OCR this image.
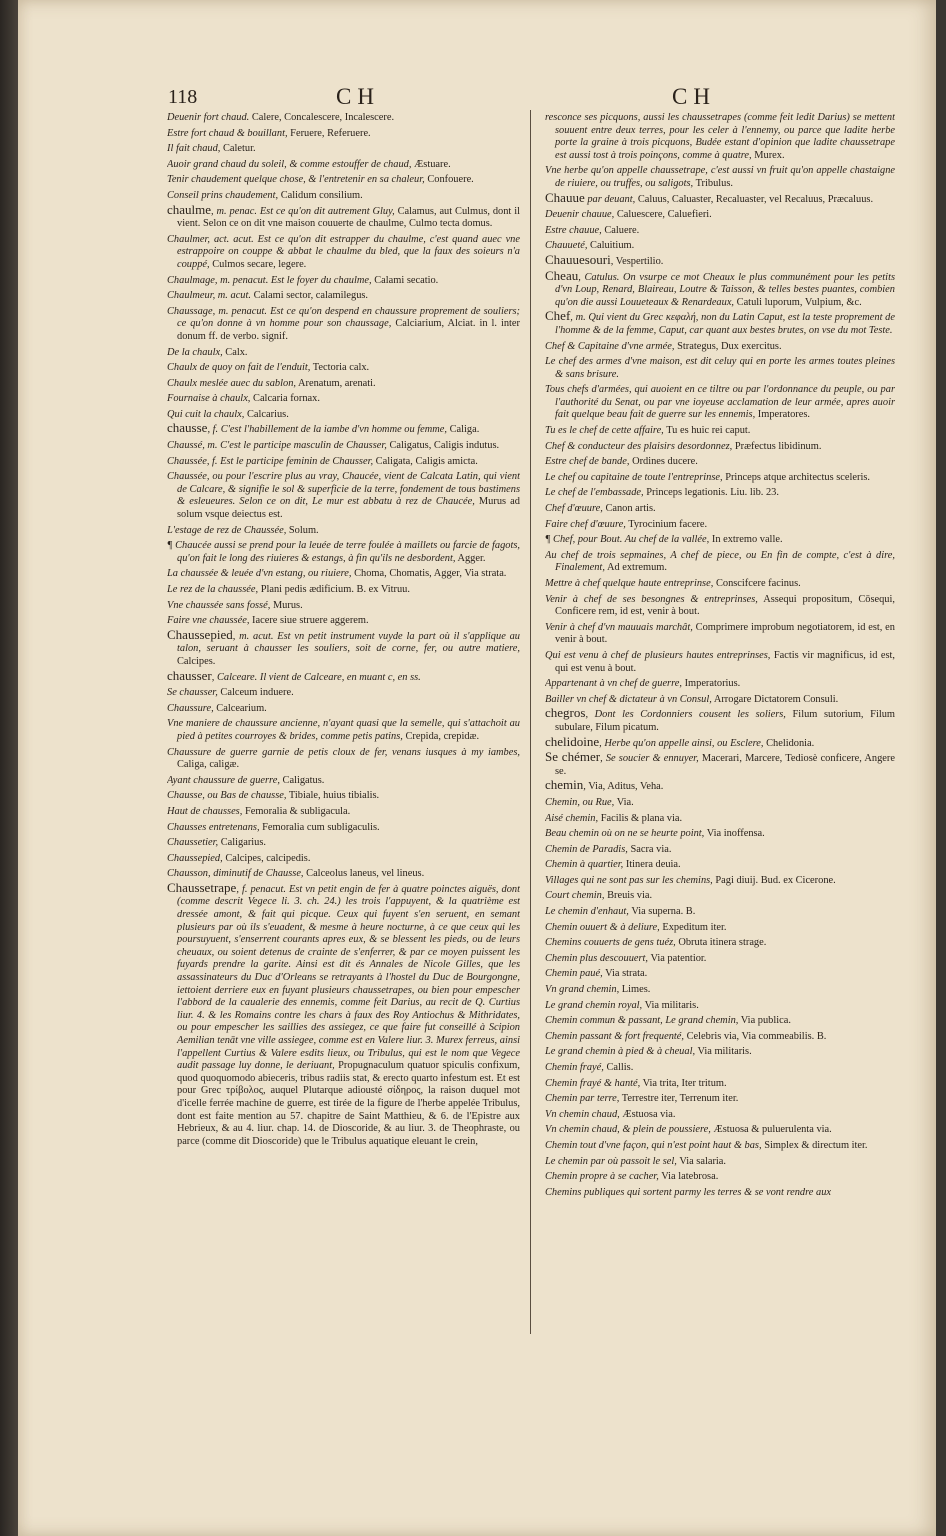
118	CH	CH
Deuenir fort chaud. Calere, Concalescere, Incalescere.
Estre fort chaud & bouillant, Feruere, Referuere.
Il fait chaud, Caletur.
Auoir grand chaud du soleil, & comme estouffer de chaud, Æstuare.
Tenir chaudement quelque chose, & l'entretenir en sa chaleur, Confouere.
Conseil prins chaudement, Calidum consilium.
chaulme, m. penac. Est ce qu'on dit autrement Gluy, Calamus, aut Culmus, dont il vient. Selon ce on dit vne maison couuerte de chaulme, Culmo tecta domus.
Chaulmer, act. acut. Est ce qu'on dit estrapper du chaulme, c'est quand auec vne estrappoire on couppe & abbat le chaulme du bled, que la faux des soieurs n'a couppé, Culmos secare, legere.
Chaulmage, m. penacut. Est le foyer du chaulme, Calami secatio.
Chaulmeur, m. acut. Calami sector, calamilegus.
Chaussage, m. penacut. Est ce qu'on despend en chaussure proprement de souliers; ce qu'on donne à vn homme pour son chaussage, Calciarium, Alciat. in l. inter donum ff. de verbo. signif.
De la chaulx, Calx.
Chaulx de quoy on fait de l'enduit, Tectoria calx.
Chaulx meslée auec du sablon, Arenatum, arenati.
Fournaise à chaulx, Calcaria fornax.
Qui cuit la chaulx, Calcarius.
chausse, f. C'est l'habillement de la iambe d'vn homme ou femme, Caliga.
Chaussé, m. C'est le participe masculin de Chausser, Caligatus, Caligis indutus.
Chaussée, f. Est le participe feminin de Chausser, Caligata, Caligis amicta.
Chaussée, ou pour l'escrire plus au vray, Chaucée, vient de Calcata Latin, qui vient de Calcare, & signifie le sol & superficie de la terre, fondement de tous bastimens & esleueures. Selon ce on dit, Le mur est abbatu à rez de Chaucée, Murus ad solum vsque deiectus est.
L'estage de rez de Chaussée, Solum.
¶ Chaucée aussi se prend pour la leuée de terre foulée à maillets ou farcie de fagots, qu'on fait le long des riuieres & estangs, à fin qu'ils ne desbordent, Agger.
La chaussée & leuée d'vn estang, ou riuiere, Choma, Chomatis, Agger, Via strata.
Le rez de la chaussée, Plani pedis ædificium. B. ex Vitruu.
Vne chaussée sans fossé, Murus.
Faire vne chaussée, Iacere siue struere aggerem.
Chaussepied, m. acut. Est vn petit instrument vuyde la part où il s'applique au talon, seruant à chausser les souliers, soit de corne, fer, ou autre matiere, Calcipes.
chausser, Calceare. Il vient de Calceare, en muant c, en ss.
Se chausser, Calceum induere.
Chaussure, Calcearium.
Vne maniere de chaussure ancienne, n'ayant quasi que la semelle, qui s'attachoit au pied à petites courroyes & brides, comme petis patins, Crepida, crepidæ.
Chaussure de guerre garnie de petis cloux de fer, venans iusques à my iambes, Caliga, caligæ.
Ayant chaussure de guerre, Caligatus.
Chausse, ou Bas de chausse, Tibiale, huius tibialis.
Haut de chausses, Femoralia & subligacula.
Chausses entretenans, Femoralia cum subligaculis.
Chaussetier, Caligarius.
Chaussepied, Calcipes, calcipedis.
Chausson, diminutif de Chausse, Calceolus laneus, vel lineus.
Chaussetrape, f. penacut. Est vn petit engin de fer à quatre poinctes aiguës, dont (comme descrit Vegece li. 3. ch. 24.) les trois l'appuyent, & la quatrième est dressée amont, & fait qui picque. Ceux qui fuyent s'en seruent, en semant plusieurs par où ils s'euadent, & mesme à heure nocturne, à ce que ceux qui les poursuyuent, s'enserrent courants apres eux, & se blessent les pieds, ou de leurs cheuaux, ou soient detenus de crainte de s'enferrer, & par ce moyen puissent les fuyards prendre la garite. Ainsi est dit és Annales de Nicole Gilles, que les assassinateurs du Duc d'Orleans se retrayants à l'hostel du Duc de Bourgongne, iettoient derriere eux en fuyant plusieurs chaussetrapes, ou bien pour empescher l'abbord de la caualerie des ennemis, comme feit Darius, au recit de Q. Curtius liur. 4. & les Romains contre les chars à faux des Roy Antiochus & Mithridates, ou pour empescher les saillies des assiegez, ce que faire fut conseillé à Scipion Aemilian tenāt vne ville assiegee, comme est en Valere liur. 3. Murex ferreus, ainsi l'appellent Curtius & Valere esdits lieux, ou Tribulus, qui est le nom que Vegece audit passage luy donne, le deriuant, Propugnaculum quatuor spiculis confixum, quod quoquomodo abieceris, tribus radiis stat, & erecto quarto infestum est. Et est pour Grec τρίβολος, auquel Plutarque adiousté σίδηρος, la raison duquel mot d'icelle ferrée machine de guerre, est tirée de la figure de l'herbe appelée Tribulus, dont est faite mention au 57. chapitre de Saint Matthieu, & 6. de l'Epistre aux Hebrieux, & au 4. liur. chap. 14. de Dioscoride, & au liur. 3. de Theophraste, ou parce (comme dit Dioscoride) que le Tribulus aquatique eleuant le crein,
resconce ses picquons, aussi les chaussetrapes (comme feit ledit Darius) se mettent souuent entre deux terres, pour les celer à l'ennemy, ou parce que ladite herbe porte la graine à trois picquons, Budée estant d'opinion que ladite chaussetrape est aussi tost à trois poinçons, comme à quatre, Murex.
Vne herbe qu'on appelle chaussetrape, c'est aussi vn fruit qu'on appelle chastaigne de riuiere, ou truffes, ou saligots, Tribulus.
Chauue par deuant, Caluus, Caluaster, Recaluaster, vel Recaluus, Præcaluus.
Deuenir chauue, Caluescere, Caluefieri.
Estre chauue, Caluere.
Chauueté, Caluitium.
Chauuesouri, Vespertilio.
Cheau, Catulus. On vsurpe ce mot Cheaux le plus communément pour les petits d'vn Loup, Renard, Blaireau, Loutre & Taisson, & telles bestes puantes, combien qu'on die aussi Louueteaux & Renardeaux, Catuli luporum, Vulpium, &c.
Chef, m. Qui vient du Grec κεφαλή, non du Latin Caput, est la teste proprement de l'homme & de la femme, Caput, car quant aux bestes brutes, on vse du mot Teste.
Chef & Capitaine d'vne armée, Strategus, Dux exercitus.
Le chef des armes d'vne maison, est dit celuy qui en porte les armes toutes pleines & sans brisure.
Tous chefs d'armées, qui auoient en ce tiltre ou par l'ordonnance du peuple, ou par l'authorité du Senat, ou par vne ioyeuse acclamation de leur armée, apres auoir fait quelque beau fait de guerre sur les ennemis, Imperatores.
Tu es le chef de cette affaire, Tu es huic rei caput.
Chef & conducteur des plaisirs desordonnez, Præfectus libidinum.
Estre chef de bande, Ordines ducere.
Le chef ou capitaine de toute l'entreprinse, Princeps atque architectus sceleris.
Le chef de l'embassade, Princeps legationis. Liu. lib. 23.
Chef d'œuure, Canon artis.
Faire chef d'œuure, Tyrocinium facere.
¶ Chef, pour Bout. Au chef de la vallée, In extremo valle.
Au chef de trois sepmaines, A chef de piece, ou En fin de compte, c'est à dire, Finalement, Ad extremum.
Mettre à chef quelque haute entreprinse, Conscifcere facinus.
Venir à chef de ses besongnes & entreprinses, Assequi propositum, Cōsequi, Conficere rem, id est, venir à bout.
Venir à chef d'vn mauuais marchât, Comprimere improbum negotiatorem, id est, en venir à bout.
Qui est venu à chef de plusieurs hautes entreprinses, Factis vir magnificus, id est, qui est venu à bout.
Appartenant à vn chef de guerre, Imperatorius.
Bailler vn chef & dictateur à vn Consul, Arrogare Dictatorem Consuli.
chegros, Dont les Cordonniers cousent les soliers, Filum sutorium, Filum subulare, Filum picatum.
chelidoine, Herbe qu'on appelle ainsi, ou Esclere, Chelidonia.
Se chémer, Se soucier & ennuyer, Macerari, Marcere, Tediosè conficere, Angere se.
chemin, Via, Aditus, Veha.
Chemin, ou Rue, Via.
Aisé chemin, Facilis & plana via.
Beau chemin où on ne se heurte point, Via inoffensa.
Chemin de Paradis, Sacra via.
Chemin à quartier, Itinera deuia.
Villages qui ne sont pas sur les chemins, Pagi diuij. Bud. ex Cicerone.
Court chemin, Breuis via.
Le chemin d'enhaut, Via superna. B.
Chemin ouuert & à deliure, Expeditum iter.
Chemins couuerts de gens tuéz, Obruta itinera strage.
Chemin plus descouuert, Via patentior.
Chemin paué, Via strata.
Vn grand chemin, Limes.
Le grand chemin royal, Via militaris.
Chemin commun & passant, Le grand chemin, Via publica.
Chemin passant & fort frequenté, Celebris via, Via commeabilis. B.
Le grand chemin à pied & à cheual, Via militaris.
Chemin frayé, Callis.
Chemin frayé & hanté, Via trita, Iter tritum.
Chemin par terre, Terrestre iter, Terrenum iter.
Vn chemin chaud, Æstuosa via.
Vn chemin chaud, & plein de poussiere, Æstuosa & puluerulenta via.
Chemin tout d'vne façon, qui n'est point haut & bas, Simplex & directum iter.
Le chemin par où passoit le sel, Via salaria.
Chemin propre à se cacher, Via latebrosa.
Chemins publiques qui sortent parmy les terres & se vont rendre aux
